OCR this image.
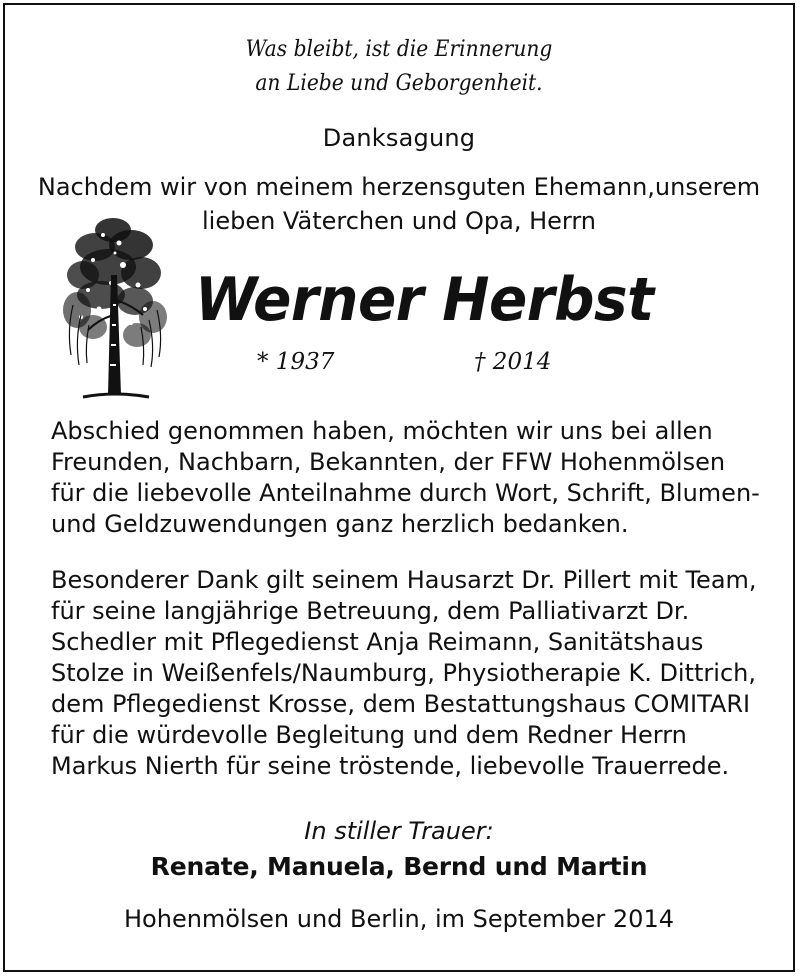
Was bleibt, ist die Erinnerung
an Liebe und Geborgenheit.
Danksagung
Nachdem wir von meinem herzensguten Ehemann,unserem
lieben Väterchen und Opa, Herrn
Werner Herbst
* 1937	† 2014
Abschied genommen haben, möchten wir uns bei allen
Freunden, Nachbarn, Bekannten, der FFW Hohenmölsen
für die liebevolle Anteilnahme durch Wort, Schrift, Blumen-
und Geldzuwendungen ganz herzlich bedanken.
Besonderer Dank gilt seinem Hausarzt Dr. Pillert mit Team,
für seine langjährige Betreuung, dem Palliativarzt Dr.
Schedler mit Pflegedienst Anja Reimann, Sanitätshaus
Stolze in Weißenfels/Naumburg, Physiotherapie K. Dittrich,
dem Pflegedienst Krosse, dem Bestattungshaus COMITARI
für die würdevolle Begleitung und dem Redner Herrn
Markus Nierth für seine tröstende, liebevolle Trauerrede.
In stiller Trauer:
Renate, Manuela, Bernd und Martin
Hohenmölsen und Berlin, im September 2014
